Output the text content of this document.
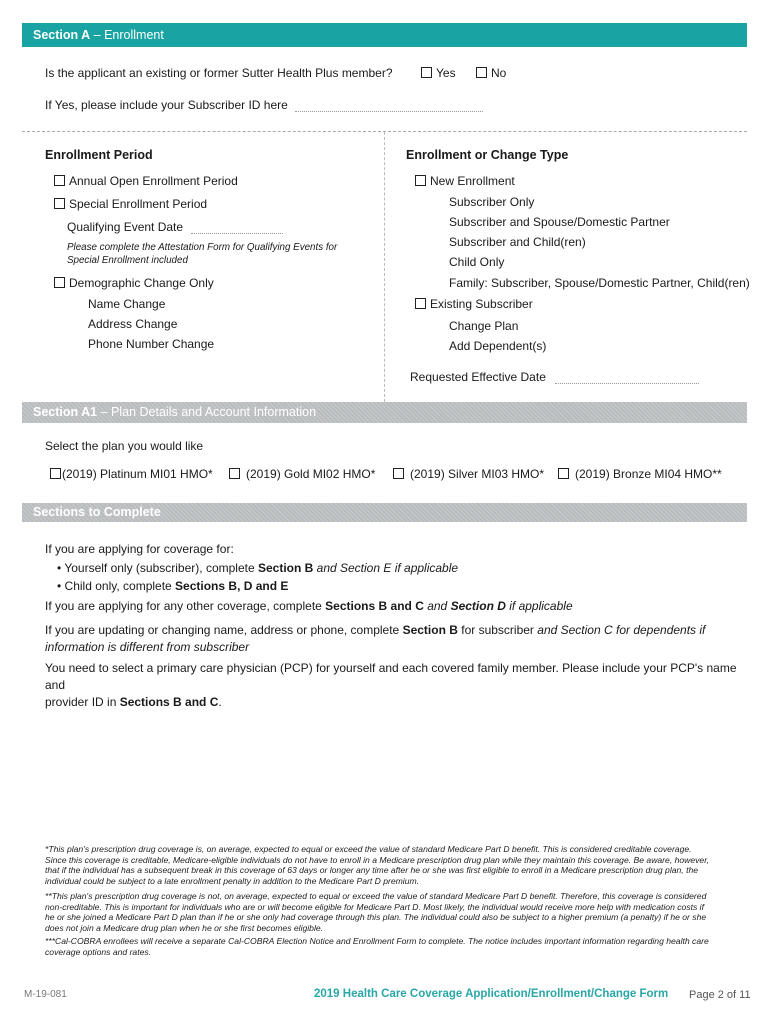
Section A – Enrollment
Is the applicant an existing or former Sutter Health Plus member?	Yes	No
If Yes, please include your Subscriber ID here
Enrollment Period
Annual Open Enrollment Period
Special Enrollment Period
Qualifying Event Date
Please complete the Attestation Form for Qualifying Events for
Special Enrollment included
Demographic Change Only
Name Change
Address Change
Phone Number Change
Enrollment or Change Type
New Enrollment
Subscriber Only
Subscriber and Spouse/Domestic Partner
Subscriber and Child(ren)
Child Only
Family: Subscriber, Spouse/Domestic Partner, Child(ren)
Existing Subscriber
Change Plan
Add Dependent(s)
Requested Effective Date
Section A1 – Plan Details and Account Information
Select the plan you would like
(2019) Platinum MI01 HMO*	(2019) Gold MI02 HMO*	(2019) Silver MI03 HMO*	(2019) Bronze MI04 HMO**
Sections to Complete
If you are applying for coverage for:
• Yourself only (subscriber), complete Section B and Section E if applicable
• Child only, complete Sections B, D and E
If you are applying for any other coverage, complete Sections B and C and Section D if applicable
If you are updating or changing name, address or phone, complete Section B for subscriber and Section C for dependents if
information is different from subscriber
You need to select a primary care physician (PCP) for yourself and each covered family member. Please include your PCP's name and
provider ID in Sections B and C.
*This plan's prescription drug coverage is, on average, expected to equal or exceed the value of standard Medicare Part D benefit. This is considered creditable coverage.
Since this coverage is creditable, Medicare-eligible individuals do not have to enroll in a Medicare prescription drug plan while they maintain this coverage. Be aware, however,
that if the individual has a subsequent break in this coverage of 63 days or longer any time after he or she was first eligible to enroll in a Medicare prescription drug plan, the
individual could be subject to a late enrollment penalty in addition to the Medicare Part D premium.
**This plan's prescription drug coverage is not, on average, expected to equal or exceed the value of standard Medicare Part D benefit. Therefore, this coverage is considered
non-creditable. This is important for individuals who are or will become eligible for Medicare Part D. Most likely, the individual would receive more help with medication costs if
he or she joined a Medicare Part D plan than if he or she only had coverage through this plan. The individual could also be subject to a higher premium (a penalty) if he or she
does not join a Medicare drug plan when he or she first becomes eligible.
***Cal-COBRA enrollees will receive a separate Cal-COBRA Election Notice and Enrollment Form to complete. The notice includes important information regarding health care
coverage options and rates.
M-19-081	2019 Health Care Coverage Application/Enrollment/Change Form Page 2 of 11
